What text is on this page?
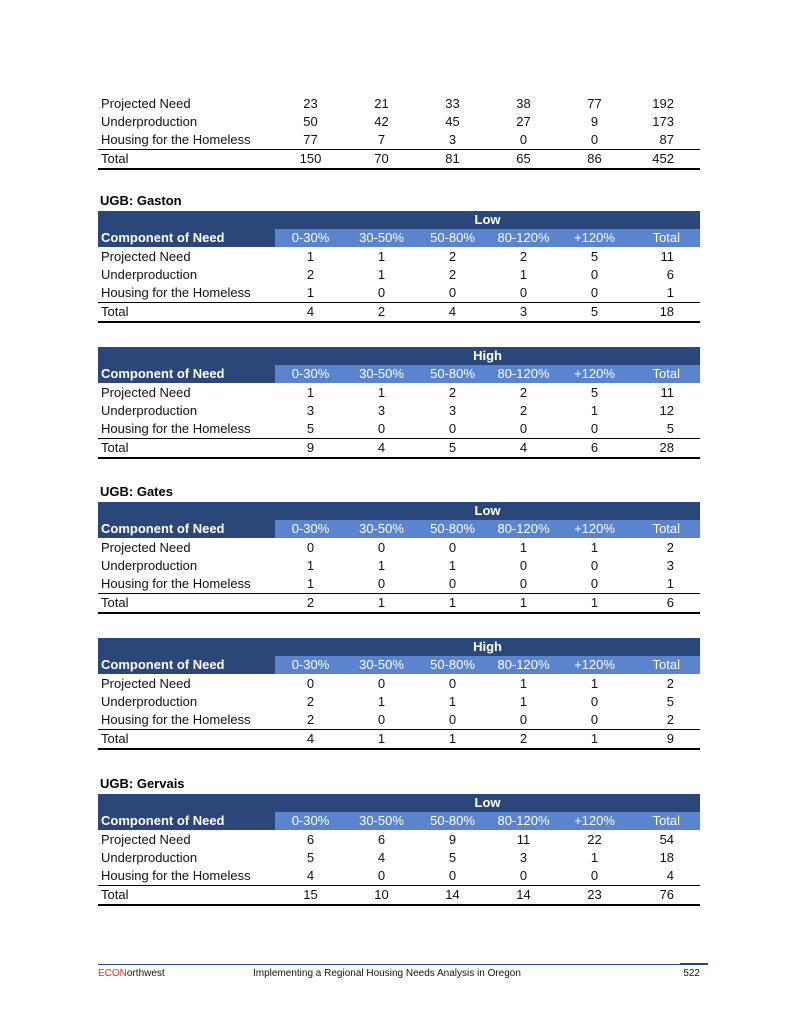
Projected Need	23	21	33	38	77	192
Underproduction	50	42	45	27	9	173
Housing for the Homeless	77	7	3	0	0	87
Total	150	70	81	65	86	452
UGB: Gaston
	Low					
Component of Need	0-30%	30-50%	50-80%	80-120%	+120%	Total
Projected Need	1	1	2	2	5	11
Underproduction	2	1	2	1	0	6
Housing for the Homeless	1	0	0	0	0	1
Total	4	2	4	3	5	18
	High					
Component of Need	0-30%	30-50%	50-80%	80-120%	+120%	Total
Projected Need	1	1	2	2	5	11
Underproduction	3	3	3	2	1	12
Housing for the Homeless	5	0	0	0	0	5
Total	9	4	5	4	6	28
UGB: Gates
	Low					
Component of Need	0-30%	30-50%	50-80%	80-120%	+120%	Total
Projected Need	0	0	0	1	1	2
Underproduction	1	1	1	0	0	3
Housing for the Homeless	1	0	0	0	0	1
Total	2	1	1	1	1	6
	High					
Component of Need	0-30%	30-50%	50-80%	80-120%	+120%	Total
Projected Need	0	0	0	1	1	2
Underproduction	2	1	1	1	0	5
Housing for the Homeless	2	0	0	0	0	2
Total	4	1	1	2	1	9
UGB: Gervais
	Low					
Component of Need	0-30%	30-50%	50-80%	80-120%	+120%	Total
Projected Need	6	6	9	11	22	54
Underproduction	5	4	5	3	1	18
Housing for the Homeless	4	0	0	0	0	4
Total	15	10	14	14	23	76
ECONorthwest	Implementing a Regional Housing Needs Analysis in Oregon	522
